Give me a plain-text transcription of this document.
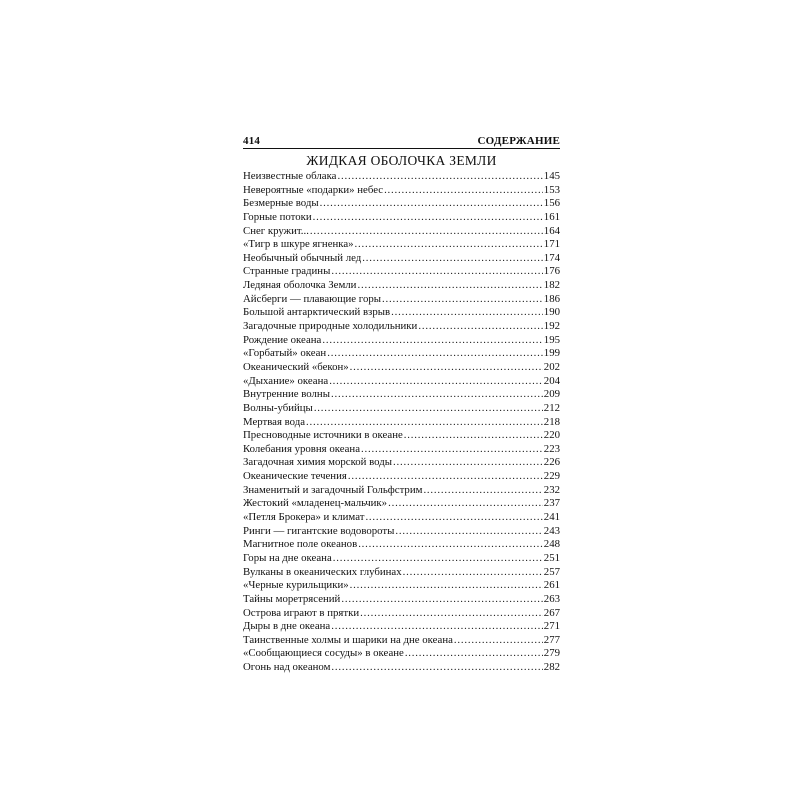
414	СОДЕРЖАНИЕ
ЖИДКАЯ ОБОЛОЧКА ЗЕМЛИ
Неизвестные облака .....	145
Невероятные «подарки» небес .....	153
Безмерные воды .....	156
Горные потоки .....	161
Снег кружит... .....	164
«Тигр в шкуре ягненка» .....	171
Необычный обычный лед .....	174
Странные градины .....	176
Ледяная оболочка Земли .....	182
Айсберги — плавающие горы .....	186
Большой антарктический взрыв .....	190
Загадочные природные холодильники .....	192
Рождение океана .....	195
«Горбатый» океан .....	199
Океанический «бекон» .....	202
«Дыхание» океана .....	204
Внутренние волны .....	209
Волны-убийцы .....	212
Мертвая вода .....	218
Пресноводные источники в океане .....	220
Колебания уровня океана .....	223
Загадочная химия морской воды .....	226
Океанические течения .....	229
Знаменитый и загадочный Гольфстрим .....	232
Жестокий «младенец-мальчик» .....	237
«Петля Брокера» и климат .....	241
Ринги — гигантские водовороты .....	243
Магнитное поле океанов .....	248
Горы на дне океана .....	251
Вулканы в океанических глубинах .....	257
«Черные курильщики» .....	261
Тайны моретрясений .....	263
Острова играют в прятки .....	267
Дыры в дне океана .....	271
Таинственные холмы и шарики на дне океана .....	277
«Сообщающиеся сосуды» в океане .....	279
Огонь над океаном .....	282
